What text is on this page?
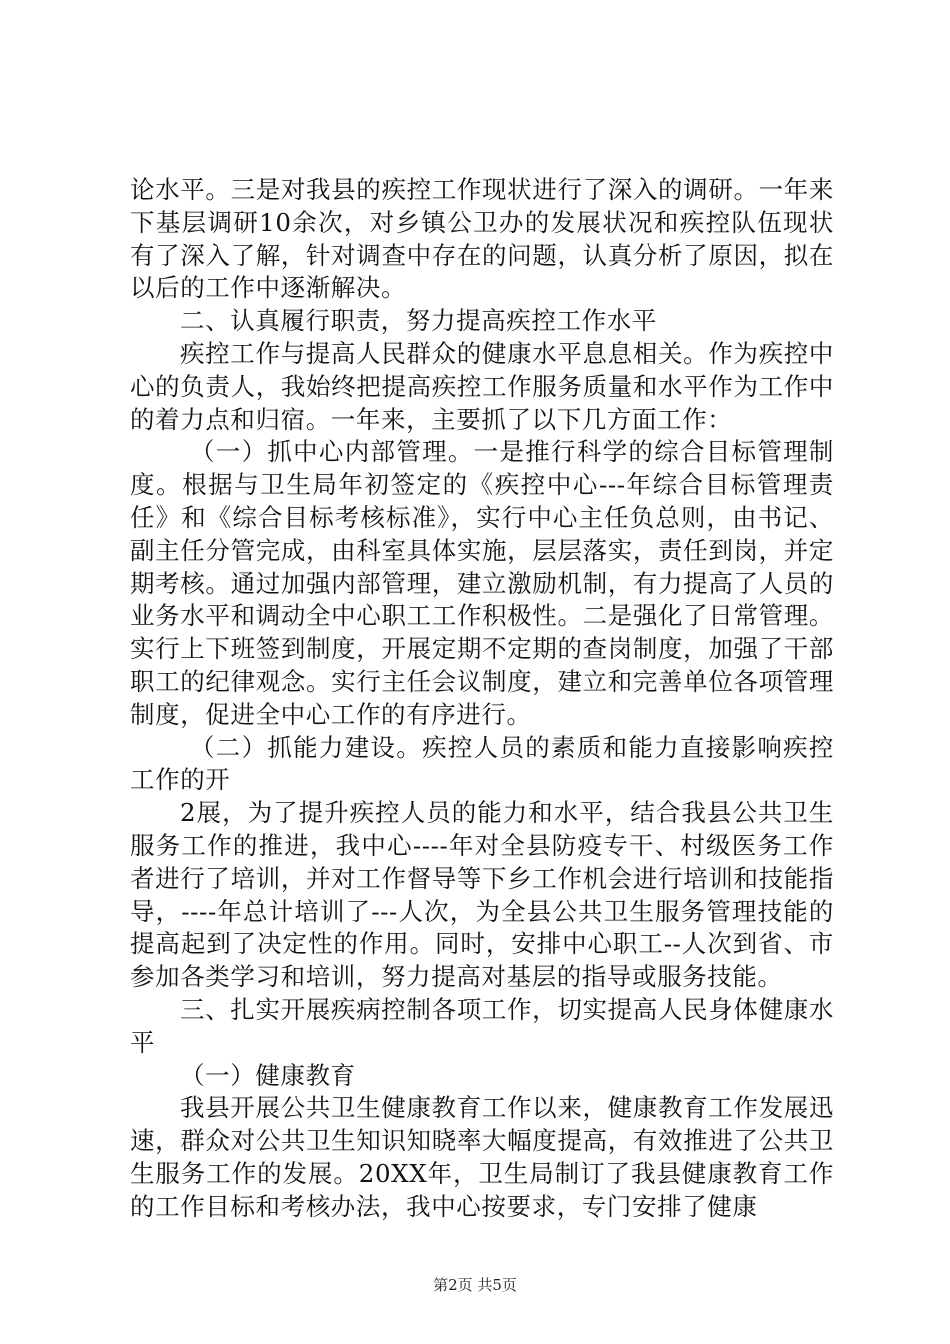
论水平。三是对我县的疾控工作现状进行了深入的调研。一年来下基层调研10余次，对乡镇公卫办的发展状况和疾控队伍现状有了深入了解，针对调查中存在的问题，认真分析了原因，拟在以后的工作中逐渐解决。

二、认真履行职责，努力提高疾控工作水平

疾控工作与提高人民群众的健康水平息息相关。作为疾控中心的负责人，我始终把提高疾控工作服务质量和水平作为工作中的着力点和归宿。一年来，主要抓了以下几方面工作：

（一）抓中心内部管理。一是推行科学的综合目标管理制度。根据与卫生局年初签定的《疾控中心---年综合目标管理责任》和《综合目标考核标准》，实行中心主任负总则，由书记、副主任分管完成，由科室具体实施，层层落实，责任到岗，并定期考核。通过加强内部管理，建立激励机制，有力提高了人员的业务水平和调动全中心职工工作积极性。二是强化了日常管理。实行上下班签到制度，开展定期不定期的查岗制度，加强了干部职工的纪律观念。实行主任会议制度，建立和完善单位各项管理制度，促进全中心工作的有序进行。

（二）抓能力建设。疾控人员的素质和能力直接影响疾控工作的开

2展，为了提升疾控人员的能力和水平，结合我县公共卫生服务工作的推进，我中心----年对全县防疫专干、村级医务工作者进行了培训，并对工作督导等下乡工作机会进行培训和技能指导，----年总计培训了---人次，为全县公共卫生服务管理技能的提高起到了决定性的作用。同时，安排中心职工--人次到省、市参加各类学习和培训，努力提高对基层的指导或服务技能。

三、扎实开展疾病控制各项工作，切实提高人民身体健康水平

（一）健康教育

我县开展公共卫生健康教育工作以来，健康教育工作发展迅速，群众对公共卫生知识知晓率大幅度提高，有效推进了公共卫生服务工作的发展。20XX年，卫生局制订了我县健康教育工作的工作目标和考核办法，我中心按要求，专门安排了健康

第2页 共5页
